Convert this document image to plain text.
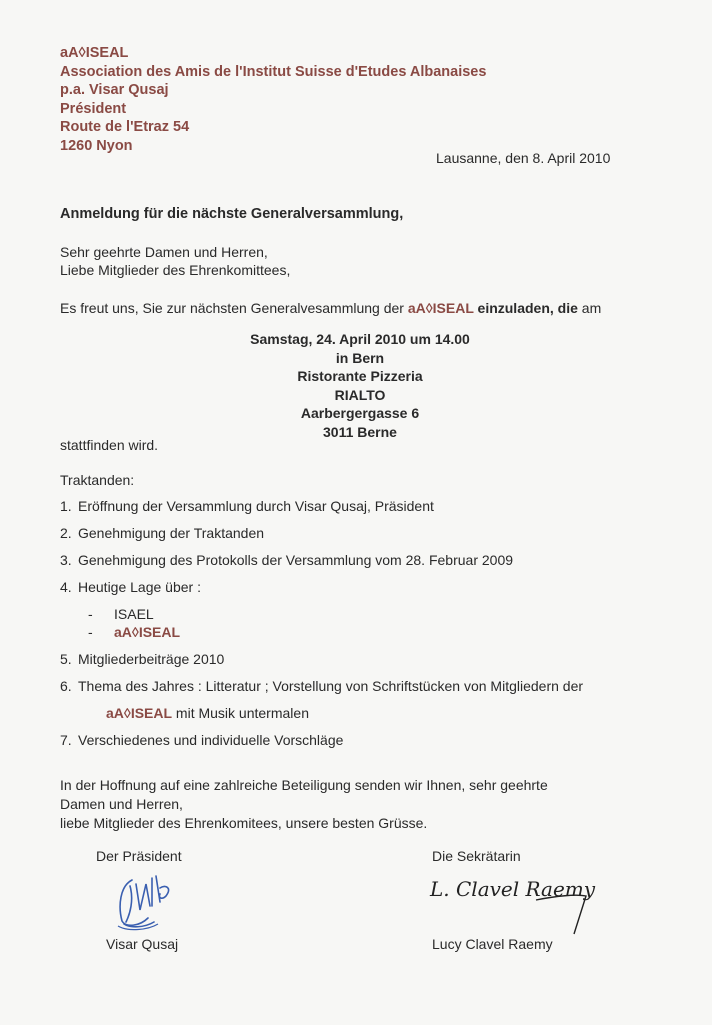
aA◊ISEAL
Association des Amis de l'Institut Suisse d'Etudes Albanaises
p.a. Visar Qusaj
Président
Route de l'Etraz 54
1260 Nyon
Lausanne, den 8. April 2010
Anmeldung für die nächste Generalversammlung,
Sehr geehrte Damen und Herren,
Liebe Mitglieder des Ehrenkomittees,
Es freut uns, Sie zur nächsten Generalvesammlung der aA◊ISEAL einzuladen, die am
Samstag, 24. April 2010 um 14.00
in Bern
Ristorante Pizzeria
RIALTO
Aarbergergasse 6
3011 Berne
stattfinden wird.
Traktanden:
1. Eröffnung der Versammlung durch Visar Qusaj, Präsident
2. Genehmigung der Traktanden
3. Genehmigung des Protokolls der Versammlung vom 28. Februar 2009
4. Heutige Lage über :
- ISAEL
- aA◊ISEAL
5. Mitgliederbeiträge 2010
6. Thema des Jahres : Litteratur ; Vorstellung von Schriftstücken von Mitgliedern der
aA◊ISEAL mit Musik untermalen
7. Verschiedenes und individuelle Vorschläge
In der Hoffnung auf eine zahlreiche Beteiligung senden wir Ihnen, sehr geehrte
Damen und Herren,
liebe Mitglieder des Ehrenkomitees, unsere besten Grüsse.
Der Präsident
Visar Qusaj
Die Sekrätarin
L. Clavel Raemy
Lucy Clavel Raemy
